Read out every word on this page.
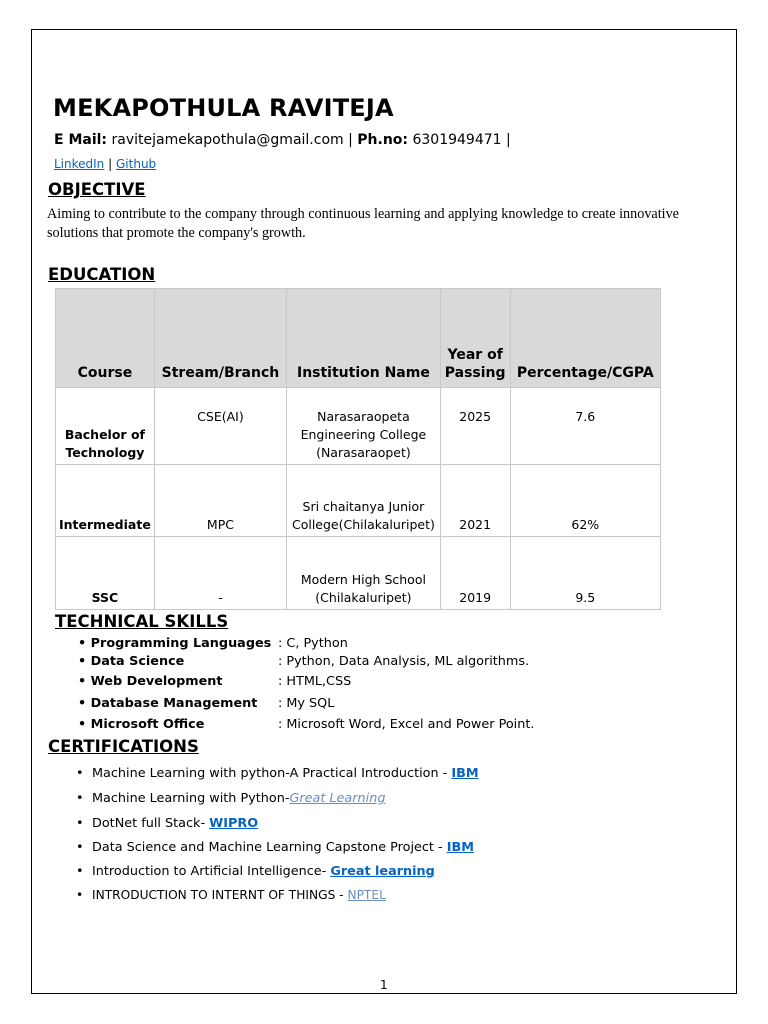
MEKAPOTHULA RAVITEJA
E Mail: ravitejamekapothula@gmail.com | Ph.no: 6301949471 |
LinkedIn | Github
OBJECTIVE
Aiming to contribute to the company through continuous learning and applying knowledge to create innovative solutions that promote the company's growth.
EDUCATION
Course	Stream/Branch	Institution Name	Year of Passing	Percentage/CGPA
Bachelor of Technology	CSE(AI)	Narasaraopeta Engineering College (Narasaraopet)	2025	7.6
Intermediate	MPC	Sri chaitanya Junior College(Chilakaluripet)	2021	62%
SSC	-	Modern High School (Chilakaluripet)	2019	9.5
TECHNICAL SKILLS
• Programming Languages : C, Python
• Data Science	: Python, Data Analysis, ML algorithms.
• Web Development	: HTML,CSS
• Database Management : My SQL
• Microsoft Office	: Microsoft Word, Excel and Power Point.
CERTIFICATIONS
• Machine Learning with python-A Practical Introduction - IBM
• Machine Learning with Python-Great Learning
• DotNet full Stack- WIPRO
• Data Science and Machine Learning Capstone Project - IBM
• Introduction to Artificial Intelligence- Great learning
• INTRODUCTION TO INTERNT OF THINGS - NPTEL
1
